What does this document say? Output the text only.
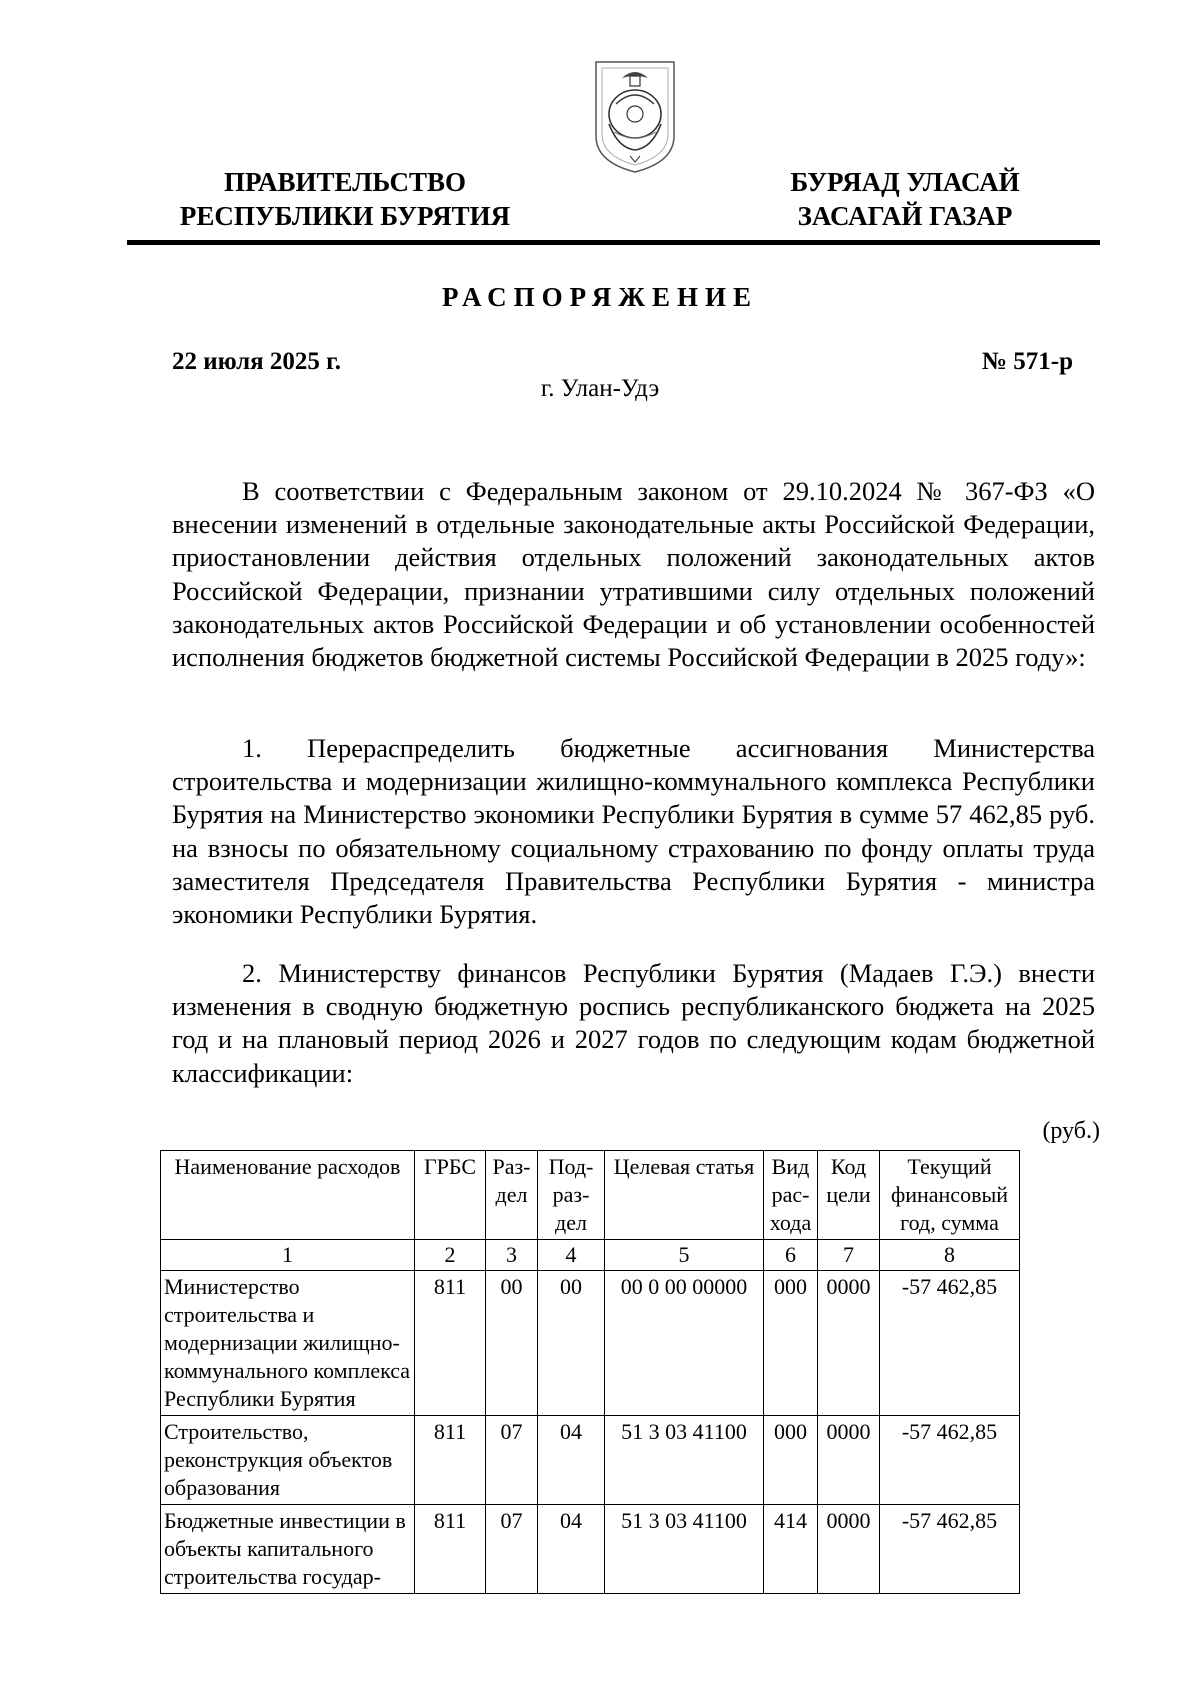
ПРАВИТЕЛЬСТВО
РЕСПУБЛИКИ БУРЯТИЯ
БУРЯАД УЛАСАЙ
ЗАСАГАЙ ГАЗАР
РАСПОРЯЖЕНИЕ
22 июля 2025 г.	№ 571-р
г. Улан-Удэ

В соответствии с Федеральным законом от 29.10.2024 № 367-ФЗ «О внесении изменений в отдельные законодательные акты Российской Федерации, приостановлении действия отдельных положений законодательных актов Российской Федерации, признании утратившими силу отдельных положений законодательных актов Российской Федерации и об установлении особенностей исполнения бюджетов бюджетной системы Российской Федерации в 2025 году»:

1. Перераспределить бюджетные ассигнования Министерства строительства и модернизации жилищно-коммунального комплекса Республики Бурятия на Министерство экономики Республики Бурятия в сумме 57 462,85 руб. на взносы по обязательному социальному страхованию по фонду оплаты труда заместителя Председателя Правительства Республики Бурятия - министра экономики Республики Бурятия.

2. Министерству финансов Республики Бурятия (Мадаев Г.Э.) внести изменения в сводную бюджетную роспись республиканского бюджета на 2025 год и на плановый период 2026 и 2027 годов по следующим кодам бюджетной классификации:

(руб.)
Наименование расходов	ГРБС	Раз-дел	Под-раз-дел	Целевая статья	Вид рас-хода	Код цели	Текущий финансовый год, сумма
1	2	3	4	5	6	7	8
Министерство строительства и модернизации жилищно-коммунального комплекса Республики Бурятия	811	00	00	00 0 00 00000	000	0000	-57 462,85
Строительство, реконструкция объектов образования	811	07	04	51 3 03 41100	000	0000	-57 462,85
Бюджетные инвестиции в объекты капитального строительства государ-	811	07	04	51 3 03 41100	414	0000	-57 462,85
